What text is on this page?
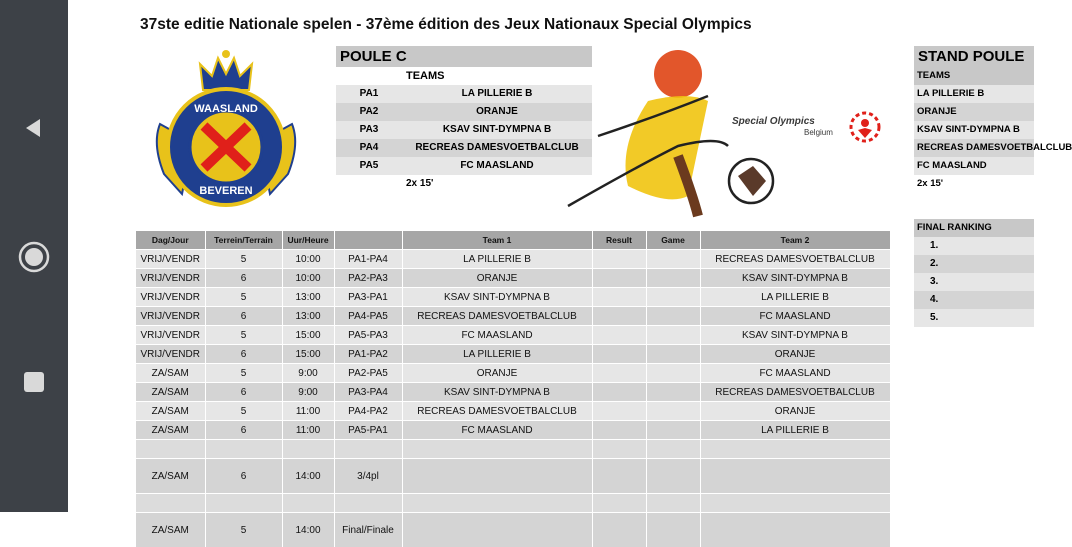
37ste editie Nationale spelen - 37ème édition des Jeux Nationaux Special Olympics
WAASLAND
BEVEREN
POULE C
TEAMS
PA1	LA PILLERIE B
PA2	ORANJE
PA3	KSAV SINT-DYMPNA B
PA4	RECREAS DAMESVOETBALCLUB
PA5	FC MAASLAND
2x 15'
Special Olympics
Belgium
STAND POULE
TEAMS
LA PILLERIE B
ORANJE
KSAV SINT-DYMPNA B
RECREAS DAMESVOETBALCLUB
FC MAASLAND
2x 15'
FINAL RANKING
1.
2.
3.
4.
5.
Dag/Jour	Terrein/Terrain	Uur/Heure		Team 1	Result	Game	Team 2
VRIJ/VENDR	5	10:00	PA1-PA4	LA PILLERIE B			RECREAS DAMESVOETBALCLUB
VRIJ/VENDR	6	10:00	PA2-PA3	ORANJE			KSAV SINT-DYMPNA B
VRIJ/VENDR	5	13:00	PA3-PA1	KSAV SINT-DYMPNA B			LA PILLERIE B
VRIJ/VENDR	6	13:00	PA4-PA5	RECREAS DAMESVOETBALCLUB			FC MAASLAND
VRIJ/VENDR	5	15:00	PA5-PA3	FC MAASLAND			KSAV SINT-DYMPNA B
VRIJ/VENDR	6	15:00	PA1-PA2	LA PILLERIE B			ORANJE
ZA/SAM	5	9:00	PA2-PA5	ORANJE			FC MAASLAND
ZA/SAM	6	9:00	PA3-PA4	KSAV SINT-DYMPNA B			RECREAS DAMESVOETBALCLUB
ZA/SAM	5	11:00	PA4-PA2	RECREAS DAMESVOETBALCLUB			ORANJE
ZA/SAM	6	11:00	PA5-PA1	FC MAASLAND			LA PILLERIE B

ZA/SAM	6	14:00	3/4pl				

ZA/SAM	5	14:00	Final/Finale				
